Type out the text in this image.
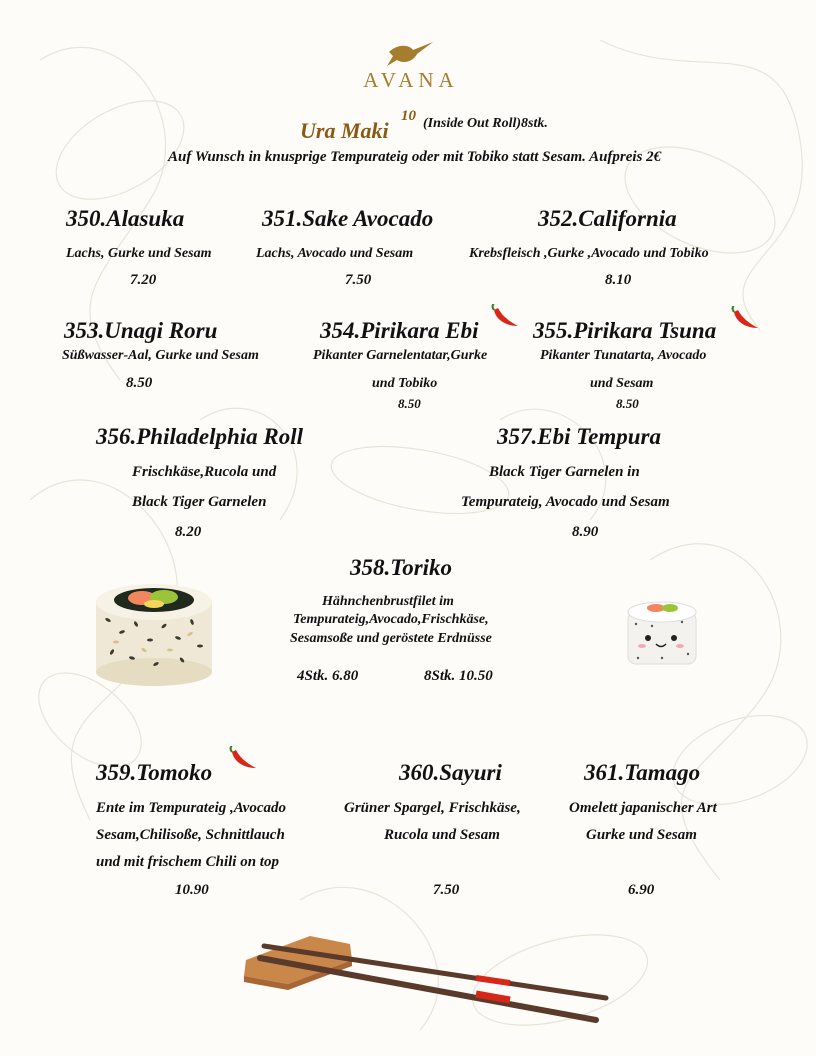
AVANA
Ura Maki
10 (Inside Out Roll)8stk.
Auf Wunsch in knusprige Tempurateig oder mit Tobiko statt Sesam. Aufpreis 2€
350.Alasuka
Lachs, Gurke und Sesam
7.20
351.Sake Avocado
Lachs, Avocado und Sesam
7.50
352.California
Krebsfleisch ,Gurke ,Avocado und Tobiko
8.10
353.Unagi Roru
Süßwasser-Aal, Gurke und Sesam
8.50
354.Pirikara Ebi
Pikanter Garnelentatar,Gurke
und Tobiko
8.50
355.Pirikara Tsuna
Pikanter Tunatarta, Avocado
und Sesam
8.50
356.Philadelphia Roll
Frischkäse,Rucola und
Black Tiger Garnelen
8.20
357.Ebi Tempura
Black Tiger Garnelen in
Tempurateig, Avocado und Sesam
8.90
358.Toriko
Hähnchenbrustfilet im
Tempurateig,Avocado,Frischkäse,
Sesamsoße und geröstete Erdnüsse
4Stk. 6.80	8Stk. 10.50
359.Tomoko
Ente im Tempurateig ,Avocado
Sesam,Chilisoße, Schnittlauch
und mit frischem Chili on top
10.90
360.Sayuri
Grüner Spargel, Frischkäse,
Rucola und Sesam
7.50
361.Tamago
Omelett japanischer Art
Gurke und Sesam
6.90
